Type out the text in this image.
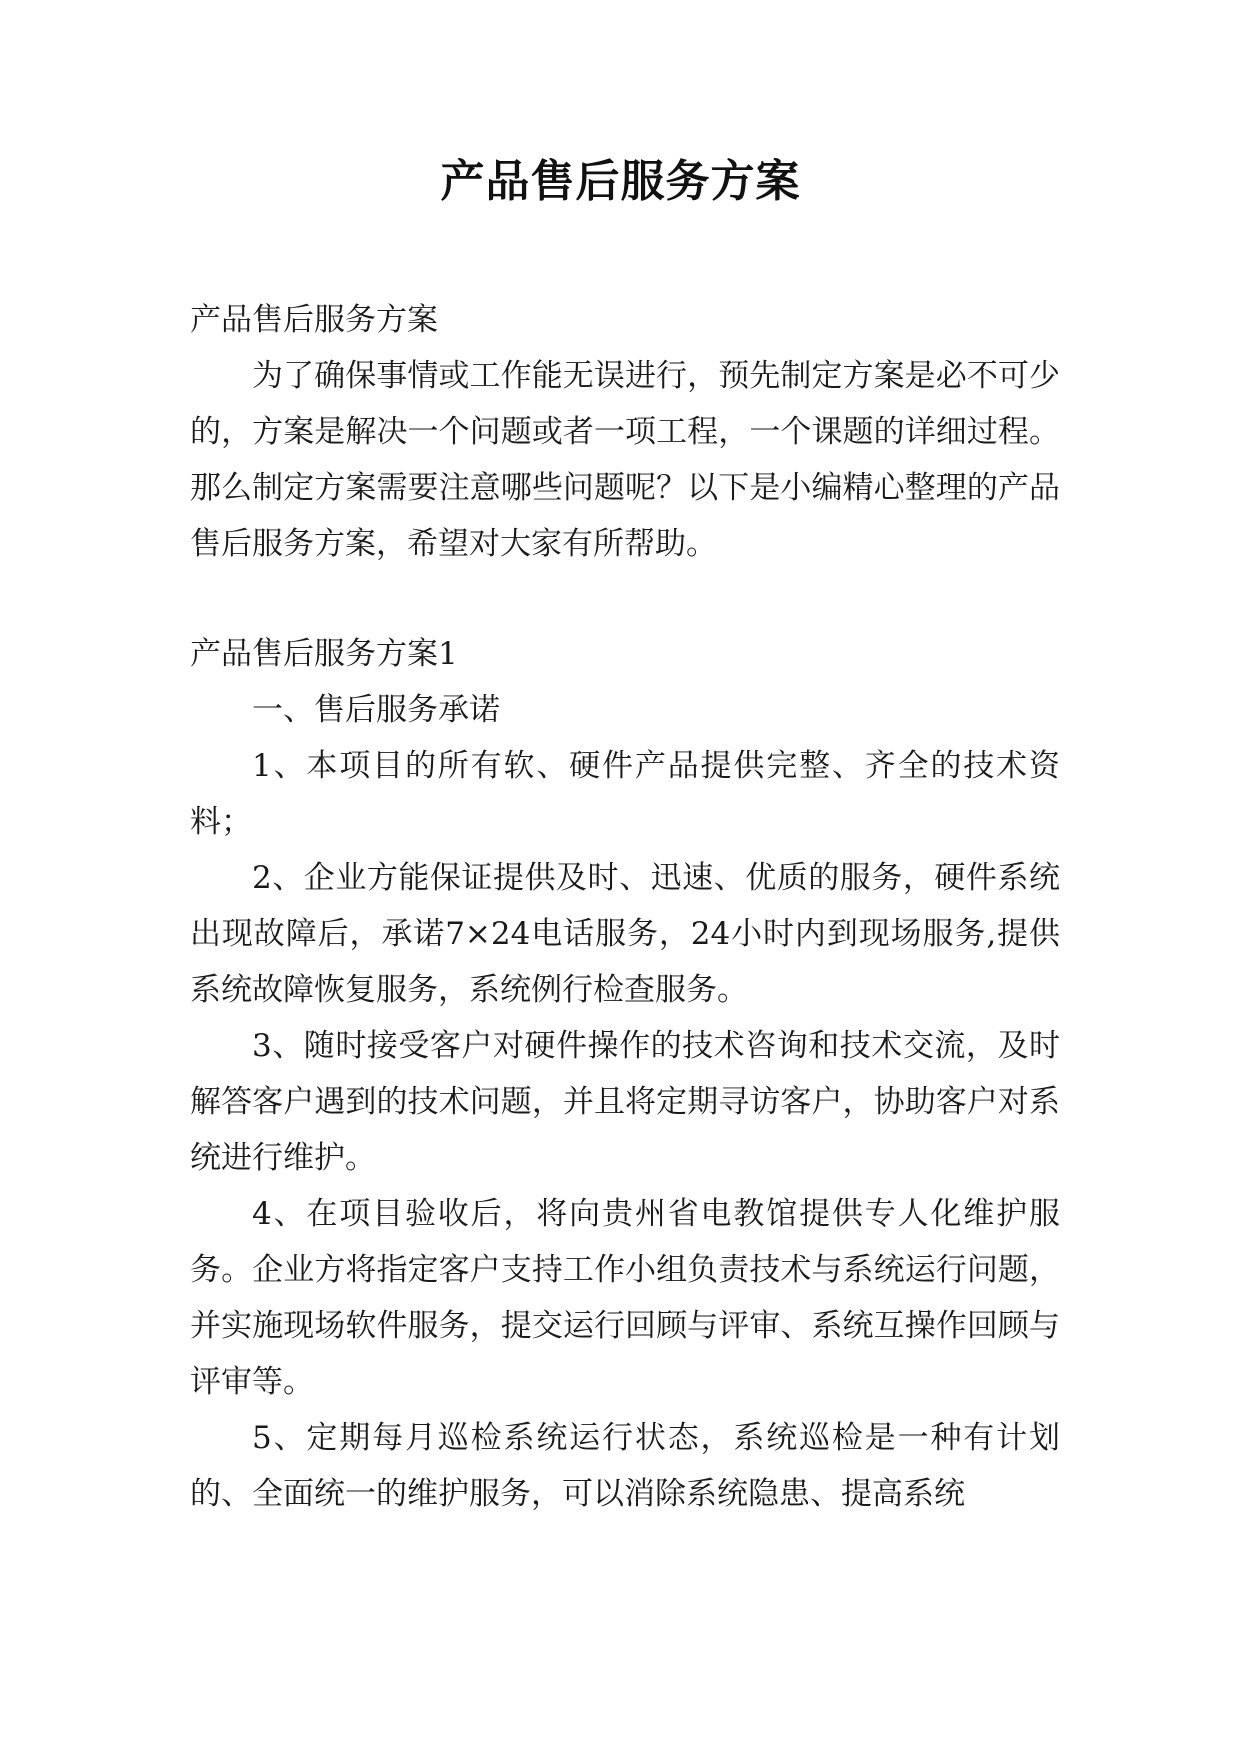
产品售后服务方案

产品售后服务方案

为了确保事情或工作能无误进行，预先制定方案是必不可少的，方案是解决一个问题或者一项工程，一个课题的详细过程。那么制定方案需要注意哪些问题呢？以下是小编精心整理的产品售后服务方案，希望对大家有所帮助。

产品售后服务方案1

一、售后服务承诺

1、本项目的所有软、硬件产品提供完整、齐全的技术资料；

2、企业方能保证提供及时、迅速、优质的服务，硬件系统出现故障后，承诺7×24电话服务，24小时内到现场服务,提供系统故障恢复服务，系统例行检查服务。

3、随时接受客户对硬件操作的技术咨询和技术交流，及时解答客户遇到的技术问题，并且将定期寻访客户，协助客户对系统进行维护。

4、在项目验收后，将向贵州省电教馆提供专人化维护服务。企业方将指定客户支持工作小组负责技术与系统运行问题，并实施现场软件服务，提交运行回顾与评审、系统互操作回顾与评审等。

5、定期每月巡检系统运行状态，系统巡检是一种有计划的、全面统一的维护服务，可以消除系统隐患、提高系统
